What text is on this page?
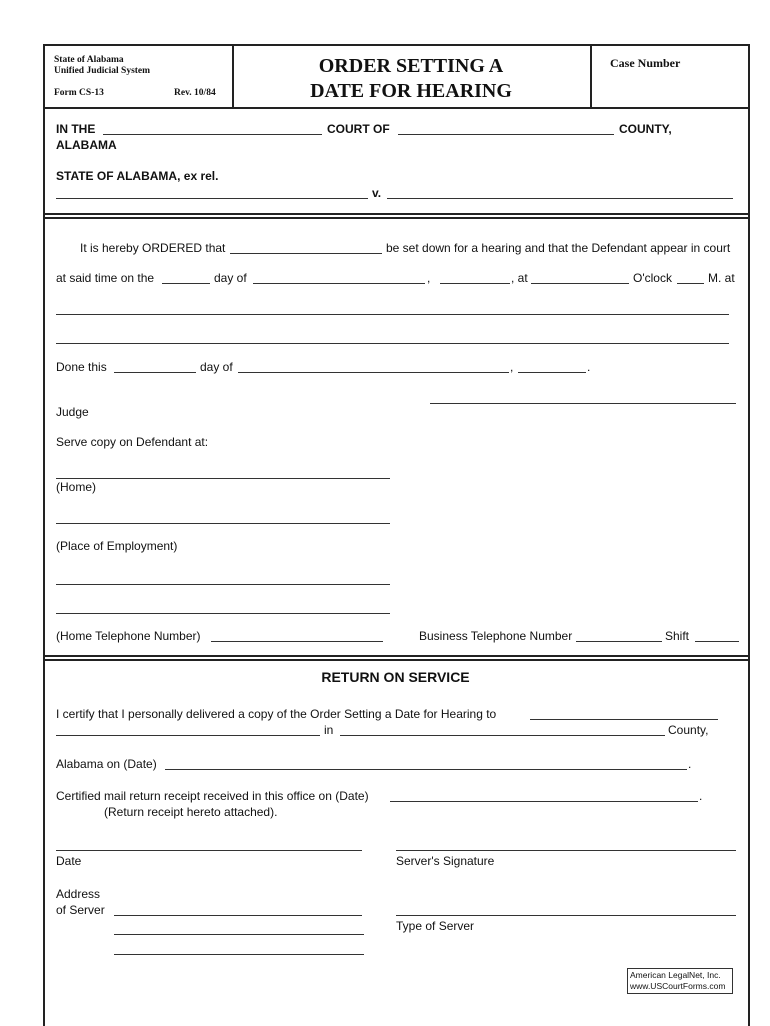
State of Alabama
Unified Judicial System
Form CS-13	Rev. 10/84
ORDER SETTING A
DATE FOR HEARING
Case Number
IN THE	COURT OF	COUNTY,
ALABAMA
STATE OF ALABAMA, ex rel.
v.
It is hereby ORDERED that	be set down for a hearing and that the Defendant appear in court
at said time on the	day of	,	, at	O'clock	M. at
Done this	day of	,	.
Judge
Serve copy on Defendant at:
(Home)
(Place of Employment)
(Home Telephone Number)	Business Telephone Number	Shift
RETURN ON SERVICE
I certify that I personally delivered a copy of the Order Setting a Date for Hearing to
in	County,
Alabama on (Date)	.
Certified mail return receipt received in this office on (Date)	.
(Return receipt hereto attached).
Date	Server's Signature
Address
of Server
Type of Server
American LegalNet, Inc.
www.USCourtForms.com
